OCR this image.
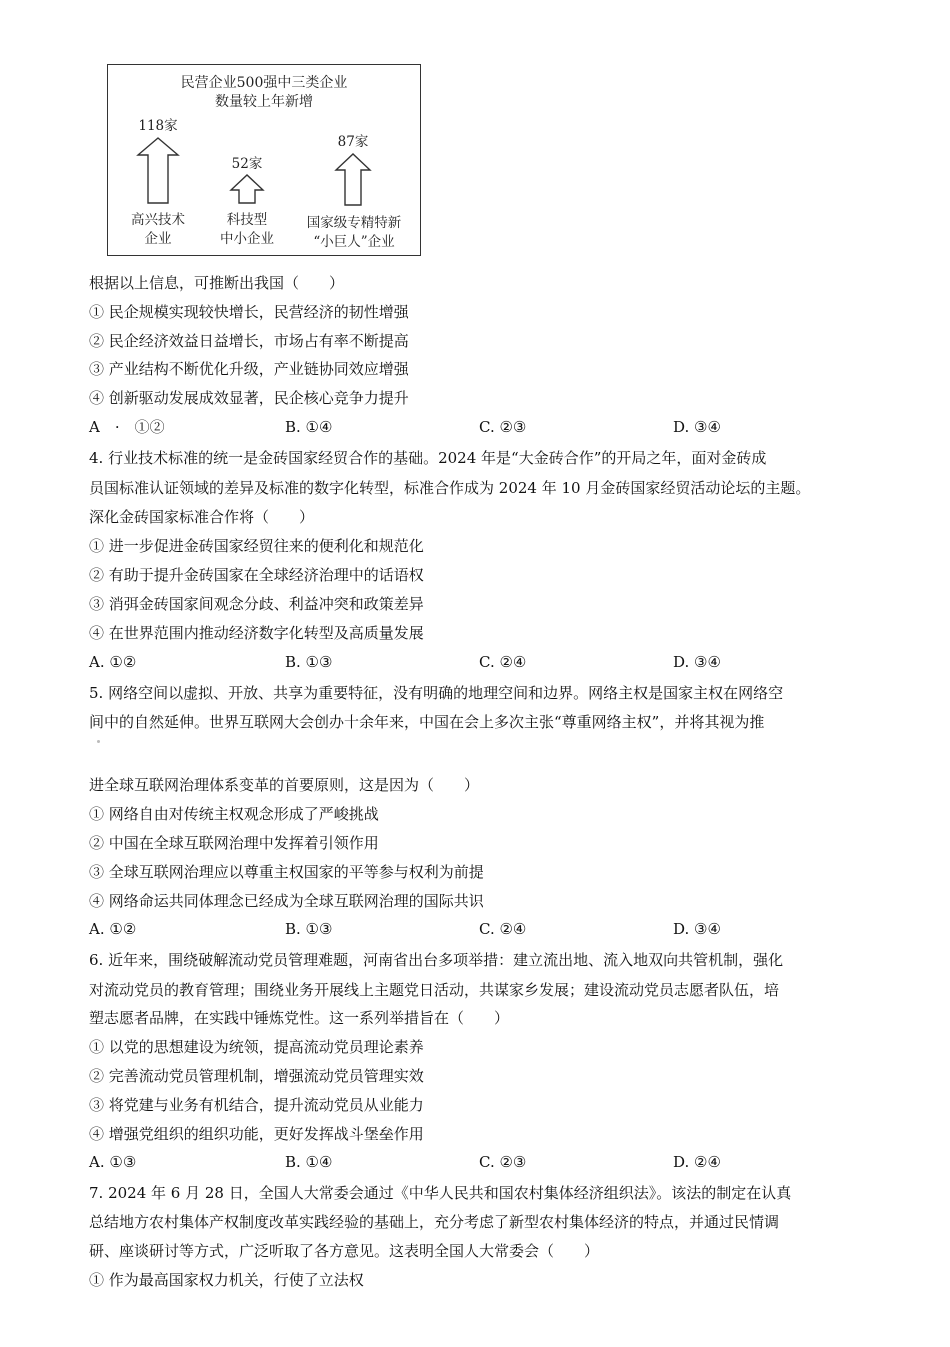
民营企业500强中三类企业
数量较上年新增
118家
52家
87家
高兴技术
企业
科技型
中小企业
国家级专精特新
“小巨人”企业
根据以上信息，可推断出我国（　　）
① 民企规模实现较快增长，民营经济的韧性增强
② 民企经济效益日益增长，市场占有率不断提高
③ 产业结构不断优化升级，产业链协同效应增强
④ 创新驱动发展成效显著，民企核心竞争力提升
A　·　①②	B. ①④	C. ②③	D. ③④
4. 行业技术标准的统一是金砖国家经贸合作的基础。2024 年是“大金砖合作”的开局之年，面对金砖成
员国标准认证领域的差异及标准的数字化转型，标准合作成为 2024 年 10 月金砖国家经贸活动论坛的主题。
深化金砖国家标准合作将（　　）
① 进一步促进金砖国家经贸往来的便利化和规范化
② 有助于提升金砖国家在全球经济治理中的话语权
③ 消弭金砖国家间观念分歧、利益冲突和政策差异
④ 在世界范围内推动经济数字化转型及高质量发展
A. ①②	B. ①③	C. ②④	D. ③④
5. 网络空间以虚拟、开放、共享为重要特征，没有明确的地理空间和边界。网络主权是国家主权在网络空
间中的自然延伸。世界互联网大会创办十余年来，中国在会上多次主张“尊重网络主权”，并将其视为推
进全球互联网治理体系变革的首要原则，这是因为（　　）
① 网络自由对传统主权观念形成了严峻挑战
② 中国在全球互联网治理中发挥着引领作用
③ 全球互联网治理应以尊重主权国家的平等参与权利为前提
④ 网络命运共同体理念已经成为全球互联网治理的国际共识
A. ①②	B. ①③	C. ②④	D. ③④
6. 近年来，围绕破解流动党员管理难题，河南省出台多项举措：建立流出地、流入地双向共管机制，强化
对流动党员的教育管理；围绕业务开展线上主题党日活动，共谋家乡发展；建设流动党员志愿者队伍，培
塑志愿者品牌，在实践中锤炼党性。这一系列举措旨在（　　）
① 以党的思想建设为统领，提高流动党员理论素养
② 完善流动党员管理机制，增强流动党员管理实效
③ 将党建与业务有机结合，提升流动党员从业能力
④ 增强党组织的组织功能，更好发挥战斗堡垒作用
A. ①③	B. ①④	C. ②③	D. ②④
7. 2024 年 6 月 28 日，全国人大常委会通过《中华人民共和国农村集体经济组织法》。该法的制定在认真
总结地方农村集体产权制度改革实践经验的基础上，充分考虑了新型农村集体经济的特点，并通过民情调
研、座谈研讨等方式，广泛听取了各方意见。这表明全国人大常委会（　　）
① 作为最高国家权力机关，行使了立法权
